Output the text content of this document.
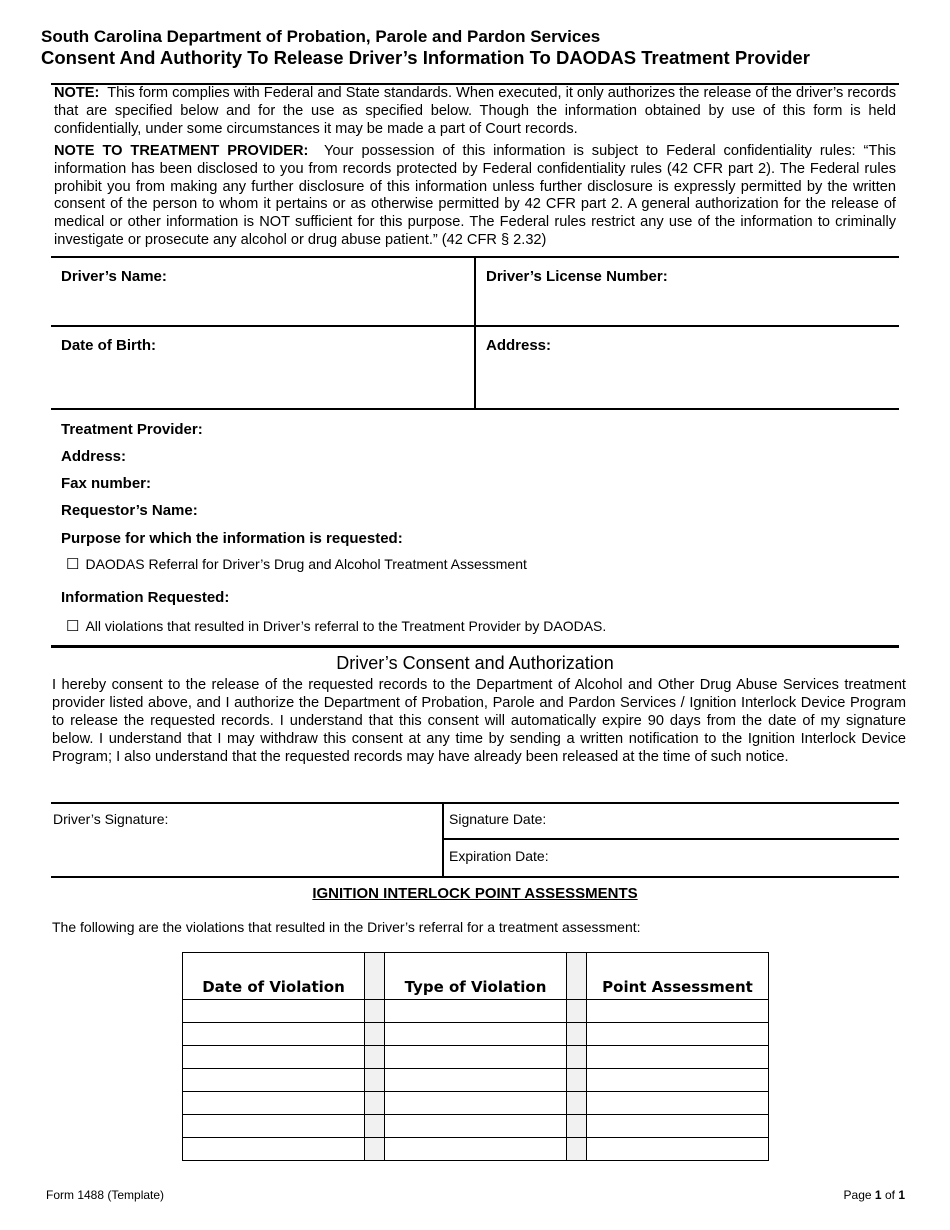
South Carolina Department of Probation, Parole and Pardon Services
Consent And Authority To Release Driver’s Information To DAODAS Treatment Provider

NOTE: This form complies with Federal and State standards. When executed, it only authorizes the release of the driver’s records that are specified below and for the use as specified below. Though the information obtained by use of this form is held confidentially, under some circumstances it may be made a part of Court records.

NOTE TO TREATMENT PROVIDER: Your possession of this information is subject to Federal confidentiality rules: “This information has been disclosed to you from records protected by Federal confidentiality rules (42 CFR part 2). The Federal rules prohibit you from making any further disclosure of this information unless further disclosure is expressly permitted by the written consent of the person to whom it pertains or as otherwise permitted by 42 CFR part 2. A general authorization for the release of medical or other information is NOT sufficient for this purpose. The Federal rules restrict any use of the information to criminally investigate or prosecute any alcohol or drug abuse patient.” (42 CFR § 2.32)

Driver’s Name:	Driver’s License Number:
Date of Birth:	Address:
Treatment Provider:
Address:
Fax number:
Requestor’s Name:
Purpose for which the information is requested:
☐ DAODAS Referral for Driver’s Drug and Alcohol Treatment Assessment
Information Requested:
☐ All violations that resulted in Driver’s referral to the Treatment Provider by DAODAS.
Driver’s Consent and Authorization
I hereby consent to the release of the requested records to the Department of Alcohol and Other Drug Abuse Services treatment provider listed above, and I authorize the Department of Probation, Parole and Pardon Services / Ignition Interlock Device Program to release the requested records. I understand that this consent will automatically expire 90 days from the date of my signature below. I understand that I may withdraw this consent at any time by sending a written notification to the Ignition Interlock Device Program; I also understand that the requested records may have already been released at the time of such notice.
Driver’s Signature:	Signature Date:
Expiration Date:
IGNITION INTERLOCK POINT ASSESSMENTS
The following are the violations that resulted in the Driver’s referral for a treatment assessment:
Date of Violation		Type of Violation		Point Assessment

Form 1488 (Template)	Page 1 of 1
